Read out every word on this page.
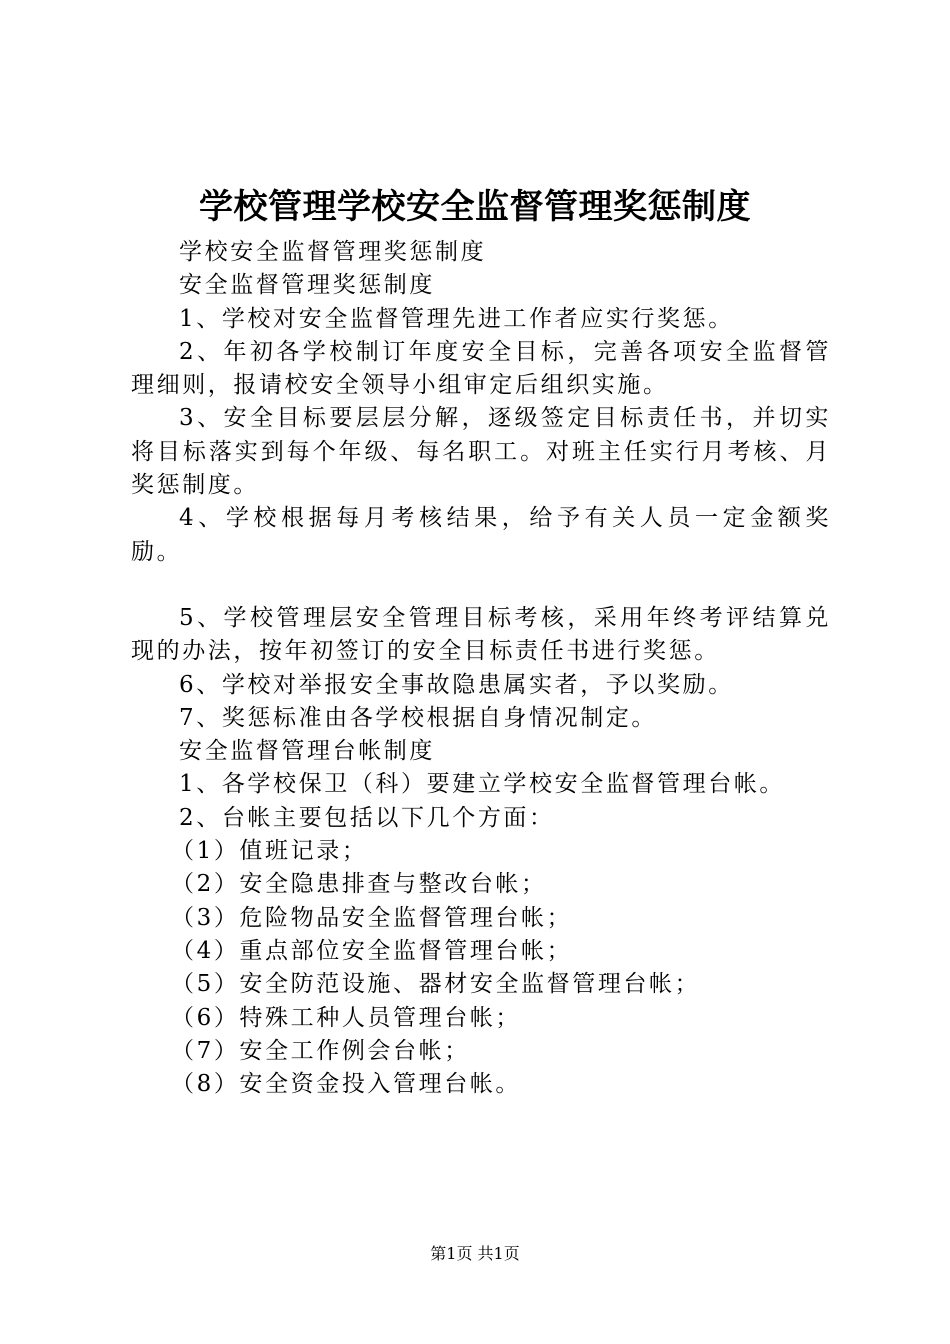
学校管理学校安全监督管理奖惩制度

学校安全监督管理奖惩制度

安全监督管理奖惩制度

1、学校对安全监督管理先进工作者应实行奖惩。

2、年初各学校制订年度安全目标，完善各项安全监督管理细则，报请校安全领导小组审定后组织实施。

3、安全目标要层层分解，逐级签定目标责任书，并切实将目标落实到每个年级、每名职工。对班主任实行月考核、月奖惩制度。

4、学校根据每月考核结果，给予有关人员一定金额奖励。

5、学校管理层安全管理目标考核，采用年终考评结算兑现的办法，按年初签订的安全目标责任书进行奖惩。

6、学校对举报安全事故隐患属实者，予以奖励。

7、奖惩标准由各学校根据自身情况制定。

安全监督管理台帐制度

1、各学校保卫（科）要建立学校安全监督管理台帐。

2、台帐主要包括以下几个方面：

（1）值班记录；

（2）安全隐患排查与整改台帐；

（3）危险物品安全监督管理台帐；

（4）重点部位安全监督管理台帐；

（5）安全防范设施、器材安全监督管理台帐；

（6）特殊工种人员管理台帐；

（7）安全工作例会台帐；

（8）安全资金投入管理台帐。

第1页 共1页
